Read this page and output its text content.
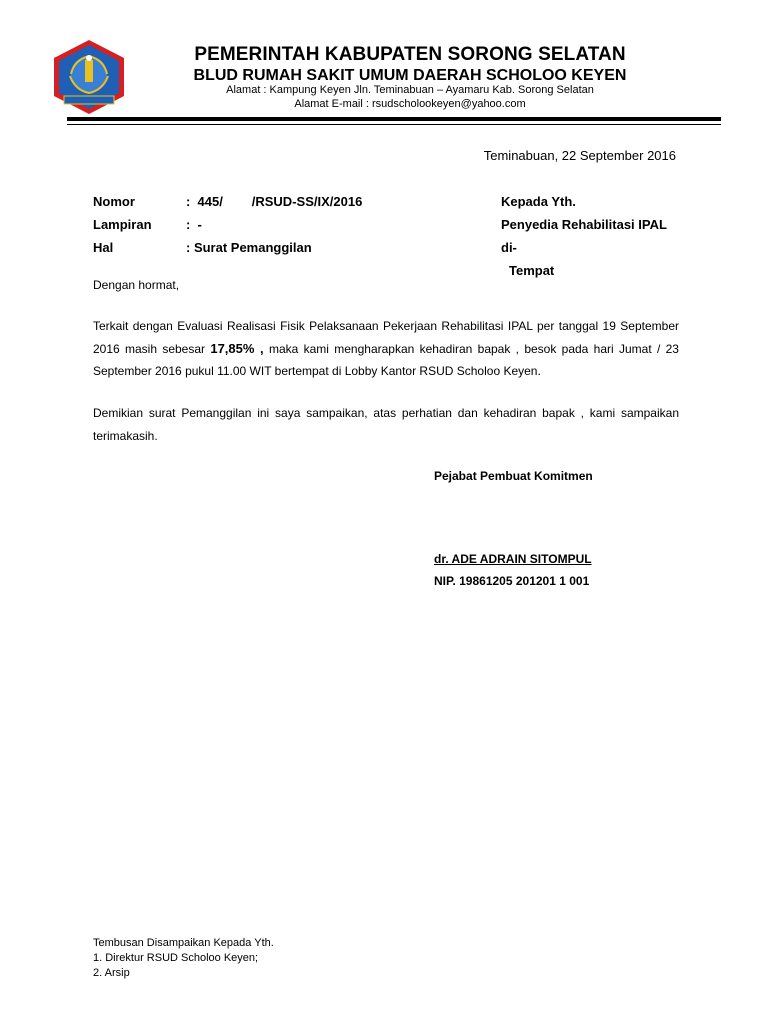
PEMERINTAH KABUPATEN SORONG SELATAN
BLUD RUMAH SAKIT UMUM DAERAH SCHOLOO KEYEN
Alamat : Kampung Keyen Jln. Teminabuan – Ayamaru Kab. Sorong Selatan
Alamat E-mail : rsudscholookeyen@yahoo.com
Teminabuan, 22 September 2016
Nomor	:  445/        /RSUD-SS/IX/2016
Lampiran	:  -
Hal	: Surat Pemanggilan
Kepada Yth.
Penyedia Rehabilitasi IPAL
di-
Tempat
Dengan hormat,
Terkait dengan Evaluasi Realisasi Fisik Pelaksanaan Pekerjaan Rehabilitasi IPAL per tanggal 19 September 2016 masih sebesar 17,85% , maka kami mengharapkan kehadiran bapak , besok pada hari Jumat / 23 September 2016 pukul 11.00 WIT bertempat di Lobby Kantor RSUD Scholoo Keyen.
Demikian surat Pemanggilan ini saya sampaikan, atas perhatian dan kehadiran bapak , kami sampaikan terimakasih.
Pejabat Pembuat Komitmen
dr. ADE ADRAIN SITOMPUL
NIP. 19861205 201201 1 001
Tembusan Disampaikan Kepada Yth.
1. Direktur RSUD Scholoo Keyen;
2. Arsip
